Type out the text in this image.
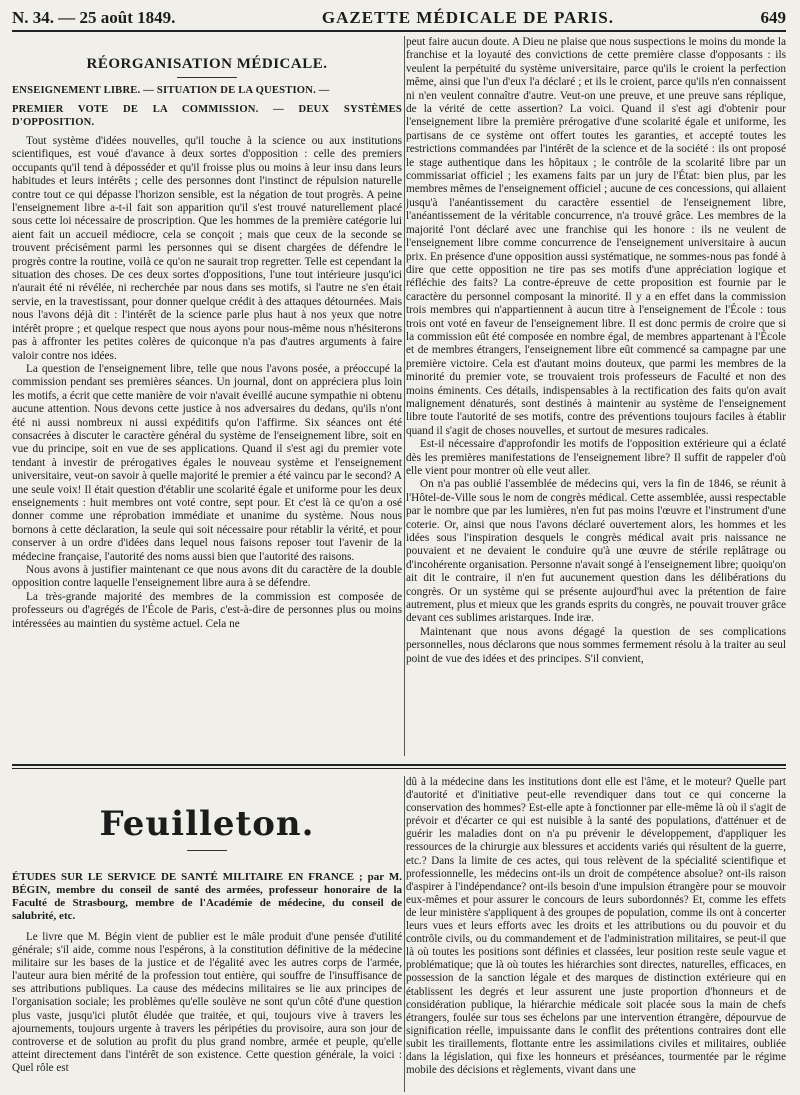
N. 34. — 25 août 1849.	GAZETTE MÉDICALE DE PARIS.	649
RÉORGANISATION MÉDICALE.
ENSEIGNEMENT LIBRE. — SITUATION DE LA QUESTION. —
PREMIER VOTE DE LA COMMISSION. — DEUX SYSTÈMES D'OPPOSITION.

Tout système d'idées nouvelles, qu'il touche à la science ou aux institutions scientifiques, est voué d'avance à deux sortes d'opposition : celle des premiers occupants qu'il tend à déposséder et qu'il froisse plus ou moins à leur insu dans leurs habitudes et leurs intérêts ; celle des personnes dont l'instinct de répulsion naturelle contre tout ce qui dépasse l'horizon sensible, est la négation de tout progrès. A peine l'enseignement libre a-t-il fait son apparition qu'il s'est trouvé naturellement placé sous cette loi nécessaire de proscription. Que les hommes de la première catégorie lui aient fait un accueil médiocre, cela se conçoit ; mais que ceux de la seconde se trouvent précisément parmi les personnes qui se disent chargées de défendre le progrès contre la routine, voilà ce qu'on ne saurait trop regretter. Telle est cependant la situation des choses. De ces deux sortes d'oppositions, l'une tout intérieure jusqu'ici n'aurait été ni révélée, ni recherchée par nous dans ses motifs, si l'autre ne s'en était servie, en la travestissant, pour donner quelque crédit à des attaques détournées. Mais nous l'avons déjà dit : l'intérêt de la science parle plus haut à nos yeux que notre intérêt propre ; et quelque respect que nous ayons pour nous-même nous n'hésiterons pas à affronter les petites colères de quiconque n'a pas d'autres arguments à faire valoir contre nos idées.

La question de l'enseignement libre, telle que nous l'avons posée, a préoccupé la commission pendant ses premières séances. Un journal, dont on appréciera plus loin les motifs, a écrit que cette manière de voir n'avait éveillé aucune sympathie ni obtenu aucune attention. Nous devons cette justice à nos adversaires du dedans, qu'ils n'ont été ni aussi nombreux ni aussi expéditifs qu'on l'affirme. Six séances ont été consacrées à discuter le caractère général du système de l'enseignement libre, soit en vue du principe, soit en vue de ses applications. Quand il s'est agi du premier vote tendant à investir de prérogatives égales le nouveau système et l'enseignement universitaire, veut-on savoir à quelle majorité le premier a été vaincu par le second? A une seule voix! Il était question d'établir une scolarité égale et uniforme pour les deux enseignements : huit membres ont voté contre, sept pour. Et c'est là ce qu'on a osé donner comme une réprobation immédiate et unanime du système. Nous nous bornons à cette déclaration, la seule qui soit nécessaire pour rétablir la vérité, et pour conserver à un ordre d'idées dans lequel nous faisons reposer tout l'avenir de la médecine française, l'autorité des noms aussi bien que l'autorité des raisons.

Nous avons à justifier maintenant ce que nous avons dit du caractère de la double opposition contre laquelle l'enseignement libre aura à se défendre.

La très-grande majorité des membres de la commission est composée de professeurs ou d'agrégés de l'École de Paris, c'est-à-dire de personnes plus ou moins intéressées au maintien du système actuel. Cela ne

peut faire aucun doute. A Dieu ne plaise que nous suspections le moins du monde la franchise et la loyauté des convictions de cette première classe d'opposants : ils veulent la perpétuité du système universitaire, parce qu'ils le croient la perfection même, ainsi que l'un d'eux l'a déclaré ; et ils le croient, parce qu'ils n'en connaissent ni n'en veulent connaître d'autre. Veut-on une preuve, et une preuve sans réplique, de la vérité de cette assertion? La voici. Quand il s'est agi d'obtenir pour l'enseignement libre la première prérogative d'une scolarité égale et uniforme, les partisans de ce système ont offert toutes les garanties, et accepté toutes les restrictions commandées par l'intérêt de la science et de la société : ils ont proposé le stage authentique dans les hôpitaux ; le contrôle de la scolarité libre par un commissariat officiel ; les examens faits par un jury de l'État: bien plus, par les membres mêmes de l'enseignement officiel ; aucune de ces concessions, qui allaient jusqu'à l'anéantissement du caractère essentiel de l'enseignement libre, l'anéantissement de la véritable concurrence, n'a trouvé grâce. Les membres de la majorité l'ont déclaré avec une franchise qui les honore : ils ne veulent de l'enseignement libre comme concurrence de l'enseignement universitaire à aucun prix. En présence d'une opposition aussi systématique, ne sommes-nous pas fondé à dire que cette opposition ne tire pas ses motifs d'une appréciation logique et réfléchie des faits? La contre-épreuve de cette proposition est fournie par le caractère du personnel composant la minorité. Il y a en effet dans la commission trois membres qui n'appartiennent à aucun titre à l'enseignement de l'École : tous trois ont voté en faveur de l'enseignement libre. Il est donc permis de croire que si la commission eût été composée en nombre égal, de membres appartenant à l'École et de membres étrangers, l'enseignement libre eût commencé sa campagne par une première victoire. Cela est d'autant moins douteux, que parmi les membres de la minorité du premier vote, se trouvaient trois professeurs de Faculté et non des moins éminents. Ces détails, indispensables à la rectification des faits qu'on avait malignement dénaturés, sont destinés à maintenir au système de l'enseignement libre toute l'autorité de ses motifs, contre des préventions toujours faciles à établir quand il s'agit de choses nouvelles, et surtout de mesures radicales.

Est-il nécessaire d'approfondir les motifs de l'opposition extérieure qui a éclaté dès les premières manifestations de l'enseignement libre? Il suffit de rappeler d'où elle vient pour montrer où elle veut aller.

On n'a pas oublié l'assemblée de médecins qui, vers la fin de 1846, se réunit à l'Hôtel-de-Ville sous le nom de congrès médical. Cette assemblée, aussi respectable par le nombre que par les lumières, n'en fut pas moins l'œuvre et l'instrument d'une coterie. Or, ainsi que nous l'avons déclaré ouvertement alors, les hommes et les idées sous l'inspiration desquels le congrès médical avait pris naissance ne pouvaient et ne devaient le conduire qu'à une œuvre de stérile replâtrage ou d'incohérente organisation. Personne n'avait songé à l'enseignement libre; quoiqu'on ait dit le contraire, il n'en fut aucunement question dans les délibérations du congrès. Or un système qui se présente aujourd'hui avec la prétention de faire autrement, plus et mieux que les grands esprits du congrès, ne pouvait trouver grâce devant ces sublimes aristarques. Inde iræ.

Maintenant que nous avons dégagé la question de ses complications personnelles, nous déclarons que nous sommes fermement résolu à la traiter au seul point de vue des idées et des principes. S'il convient,

Feuilleton.
ÉTUDES SUR LE SERVICE DE SANTÉ MILITAIRE EN FRANCE ; par M. BÉGIN, membre du conseil de santé des armées, professeur honoraire de la Faculté de Strasbourg, membre de l'Académie de médecine, du conseil de salubrité, etc.

Le livre que M. Bégin vient de publier est le mâle produit d'une pensée d'utilité générale; s'il aide, comme nous l'espérons, à la constitution définitive de la médecine militaire sur les bases de la justice et de l'égalité avec les autres corps de l'armée, l'auteur aura bien mérité de la profession tout entière, qui souffre de l'insuffisance de ses attributions publiques. La cause des médecins militaires se lie aux principes de l'organisation sociale; les problèmes qu'elle soulève ne sont qu'un côté d'une question plus vaste, jusqu'ici plutôt éludée que traitée, et qui, toujours vive à travers les ajournements, toujours urgente à travers les péripéties du provisoire, aura son jour de controverse et de solution au profit du plus grand nombre, armée et peuple, qu'elle atteint directement dans l'intérêt de son existence. Cette question générale, la voici : Quel rôle est

dû à la médecine dans les institutions dont elle est l'âme, et le moteur? Quelle part d'autorité et d'initiative peut-elle revendiquer dans tout ce qui concerne la conservation des hommes? Est-elle apte à fonctionner par elle-même là où il s'agit de prévoir et d'écarter ce qui est nuisible à la santé des populations, d'atténuer et de guérir les maladies dont on n'a pu prévenir le développement, d'appliquer les ressources de la chirurgie aux blessures et accidents variés qui résultent de la guerre, etc.? Dans la limite de ces actes, qui tous relèvent de la spécialité scientifique et professionnelle, les médecins ont-ils un droit de compétence absolue? ont-ils raison d'aspirer à l'indépendance? ont-ils besoin d'une impulsion étrangère pour se mouvoir eux-mêmes et pour assurer le concours de leurs subordonnés? Et, comme les effets de leur ministère s'appliquent à des groupes de population, comme ils ont à concerter leurs vues et leurs efforts avec les droits et les attributions ou du pouvoir et du contrôle civils, ou du commandement et de l'administration militaires, se peut-il que là où toutes les positions sont définies et classées, leur position reste seule vague et problématique; que là où toutes les hiérarchies sont directes, naturelles, efficaces, en possession de la sanction légale et des marques de distinction extérieure qui en établissent les degrés et leur assurent une juste proportion d'honneurs et de considération publique, la hiérarchie médicale soit placée sous la main de chefs étrangers, foulée sur tous ses échelons par une intervention étrangère, dépourvue de signification réelle, impuissante dans le conflit des prétentions contraires dont elle subit les tiraillements, flottante entre les assimilations civiles et militaires, oubliée dans la législation, qui fixe les honneurs et préséances, tourmentée par le régime mobile des décisions et règlements, vivant dans une
